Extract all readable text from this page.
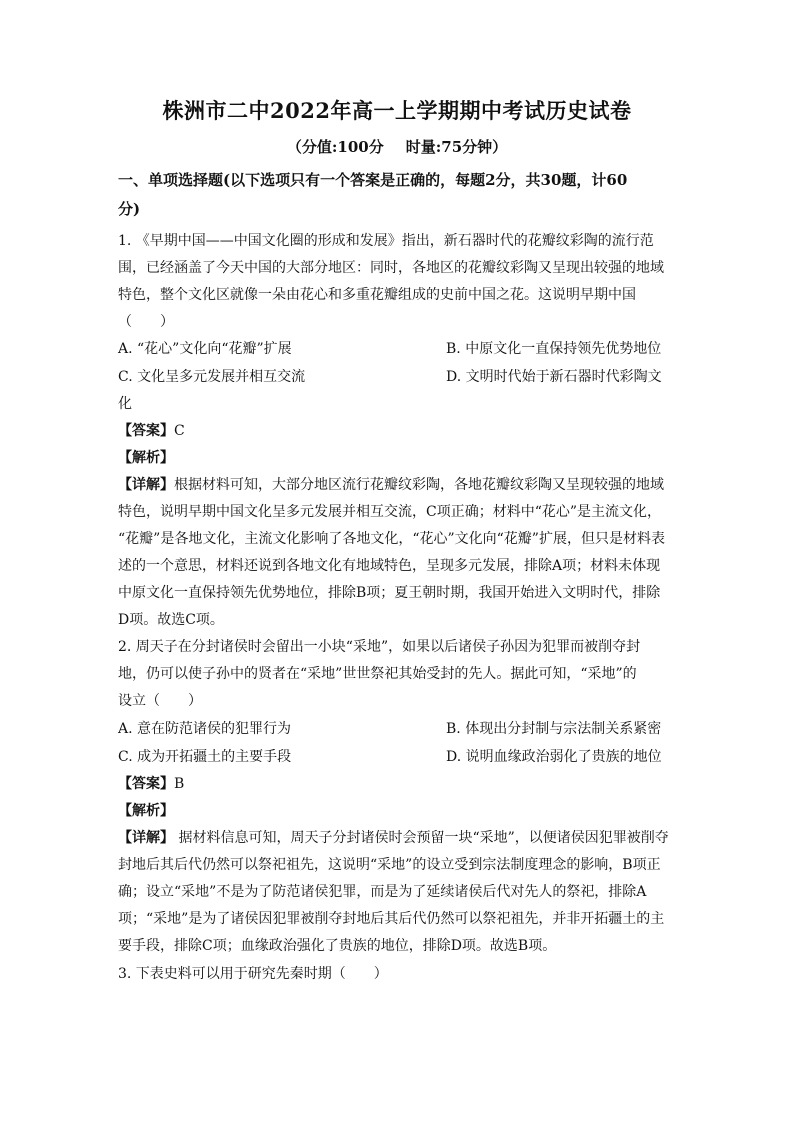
株洲市二中2022年高一上学期期中考试历史试卷
（分值:100分 时量:75分钟）
一、单项选择题(以下选项只有一个答案是正确的，每题2分，共30题，计60
分)
1. 《早期中国——中国文化圈的形成和发展》指出，新石器时代的花瓣纹彩陶的流行范
围，已经涵盖了今天中国的大部分地区：同时，各地区的花瓣纹彩陶又呈现出较强的地域
特色，整个文化区就像一朵由花心和多重花瓣组成的史前中国之花。这说明早期中国
（　　）
A. “花心”文化向“花瓣”扩展	B. 中原文化一直保持领先优势地位
C. 文化呈多元发展并相互交流	D. 文明时代始于新石器时代彩陶文
化
【答案】C
【解析】
【详解】根据材料可知，大部分地区流行花瓣纹彩陶，各地花瓣纹彩陶又呈现较强的地域
特色，说明早期中国文化呈多元发展并相互交流，C项正确；材料中“花心”是主流文化，
“花瓣”是各地文化，主流文化影响了各地文化，“花心”文化向“花瓣”扩展，但只是材料表
述的一个意思，材料还说到各地文化有地域特色，呈现多元发展，排除A项；材料未体现
中原文化一直保持领先优势地位，排除B项；夏王朝时期，我国开始进入文明时代，排除
D项。故选C项。
2. 周天子在分封诸侯时会留出一小块“采地”，如果以后诸侯子孙因为犯罪而被削夺封
地，仍可以使子孙中的贤者在“采地”世世祭祀其始受封的先人。据此可知，“采地”的
设立（　　）
A. 意在防范诸侯的犯罪行为	B. 体现出分封制与宗法制关系紧密
C. 成为开拓疆土的主要手段	D. 说明血缘政治弱化了贵族的地位
【答案】B
【解析】
【详解】 据材料信息可知，周天子分封诸侯时会预留一块“采地”，以便诸侯因犯罪被削夺
封地后其后代仍然可以祭祀祖先，这说明“采地”的设立受到宗法制度理念的影响，B项正
确；设立“采地”不是为了防范诸侯犯罪，而是为了延续诸侯后代对先人的祭祀，排除A
项；“采地”是为了诸侯因犯罪被削夺封地后其后代仍然可以祭祀祖先，并非开拓疆土的主
要手段，排除C项；血缘政治强化了贵族的地位，排除D项。故选B项。
3. 下表史料可以用于研究先秦时期（　　）
